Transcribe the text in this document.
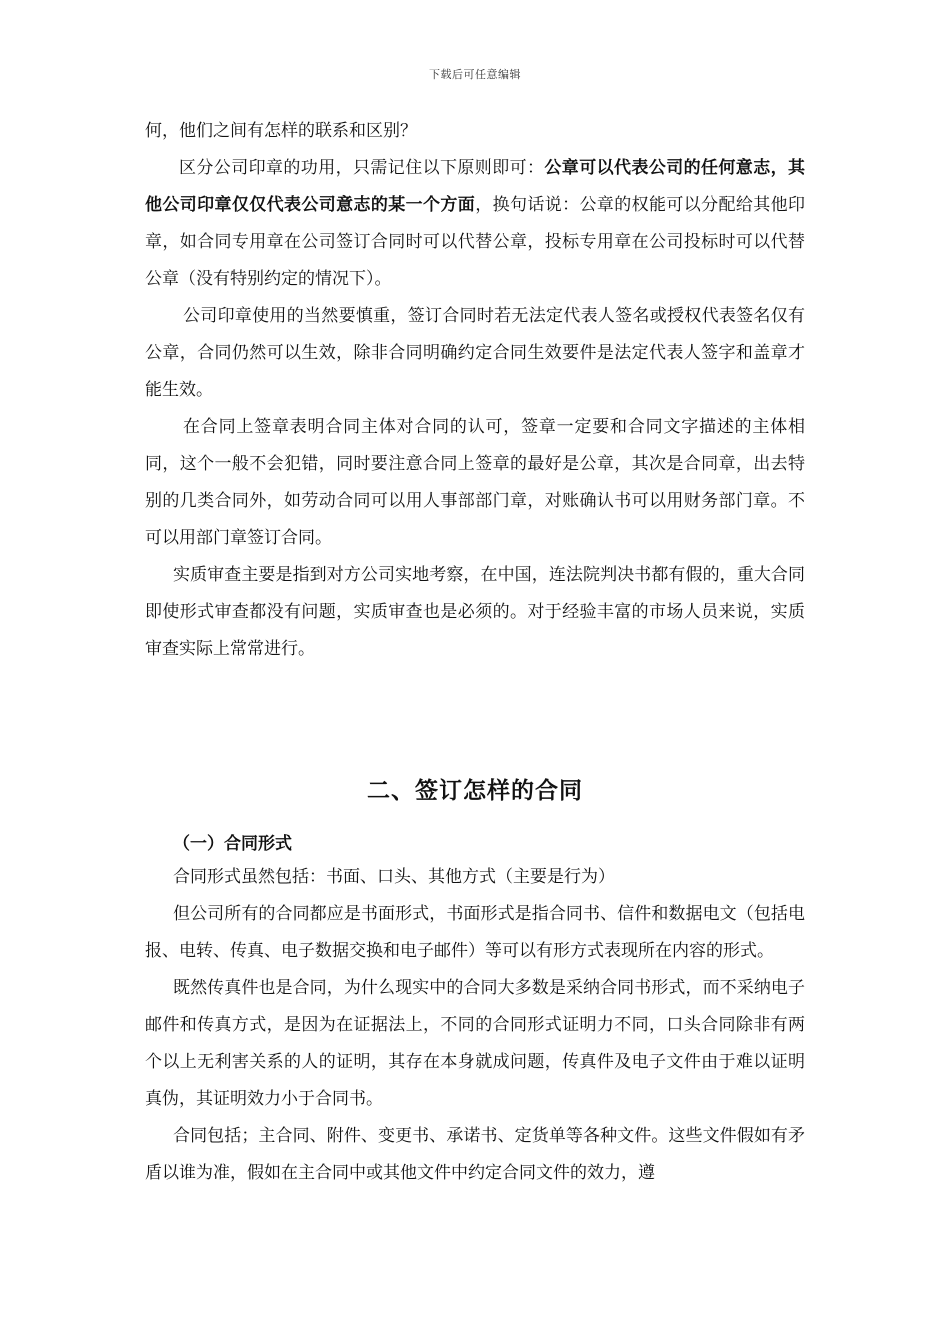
下载后可任意编辑

何，他们之间有怎样的联系和区别？

区分公司印章的功用，只需记住以下原则即可：公章可以代表公司的任何意志，其他公司印章仅仅代表公司意志的某一个方面，换句话说：公章的权能可以分配给其他印章，如合同专用章在公司签订合同时可以代替公章，投标专用章在公司投标时可以代替公章（没有特别约定的情况下）。

公司印章使用的当然要慎重，签订合同时若无法定代表人签名或授权代表签名仅有公章，合同仍然可以生效，除非合同明确约定合同生效要件是法定代表人签字和盖章才能生效。

在合同上签章表明合同主体对合同的认可，签章一定要和合同文字描述的主体相同，这个一般不会犯错，同时要注意合同上签章的最好是公章，其次是合同章，出去特别的几类合同外，如劳动合同可以用人事部部门章，对账确认书可以用财务部门章。不可以用部门章签订合同。

实质审查主要是指到对方公司实地考察，在中国，连法院判决书都有假的，重大合同即使形式审查都没有问题，实质审查也是必须的。对于经验丰富的市场人员来说，实质审查实际上常常进行。

二、签订怎样的合同
（一）合同形式

合同形式虽然包括：书面、口头、其他方式（主要是行为）

但公司所有的合同都应是书面形式，书面形式是指合同书、信件和数据电文（包括电报、电转、传真、电子数据交换和电子邮件）等可以有形方式表现所在内容的形式。

既然传真件也是合同，为什么现实中的合同大多数是采纳合同书形式，而不采纳电子邮件和传真方式，是因为在证据法上，不同的合同形式证明力不同，口头合同除非有两个以上无利害关系的人的证明，其存在本身就成问题，传真件及电子文件由于难以证明真伪，其证明效力小于合同书。

合同包括；主合同、附件、变更书、承诺书、定货单等各种文件。这些文件假如有矛盾以谁为准，假如在主合同中或其他文件中约定合同文件的效力，遵
